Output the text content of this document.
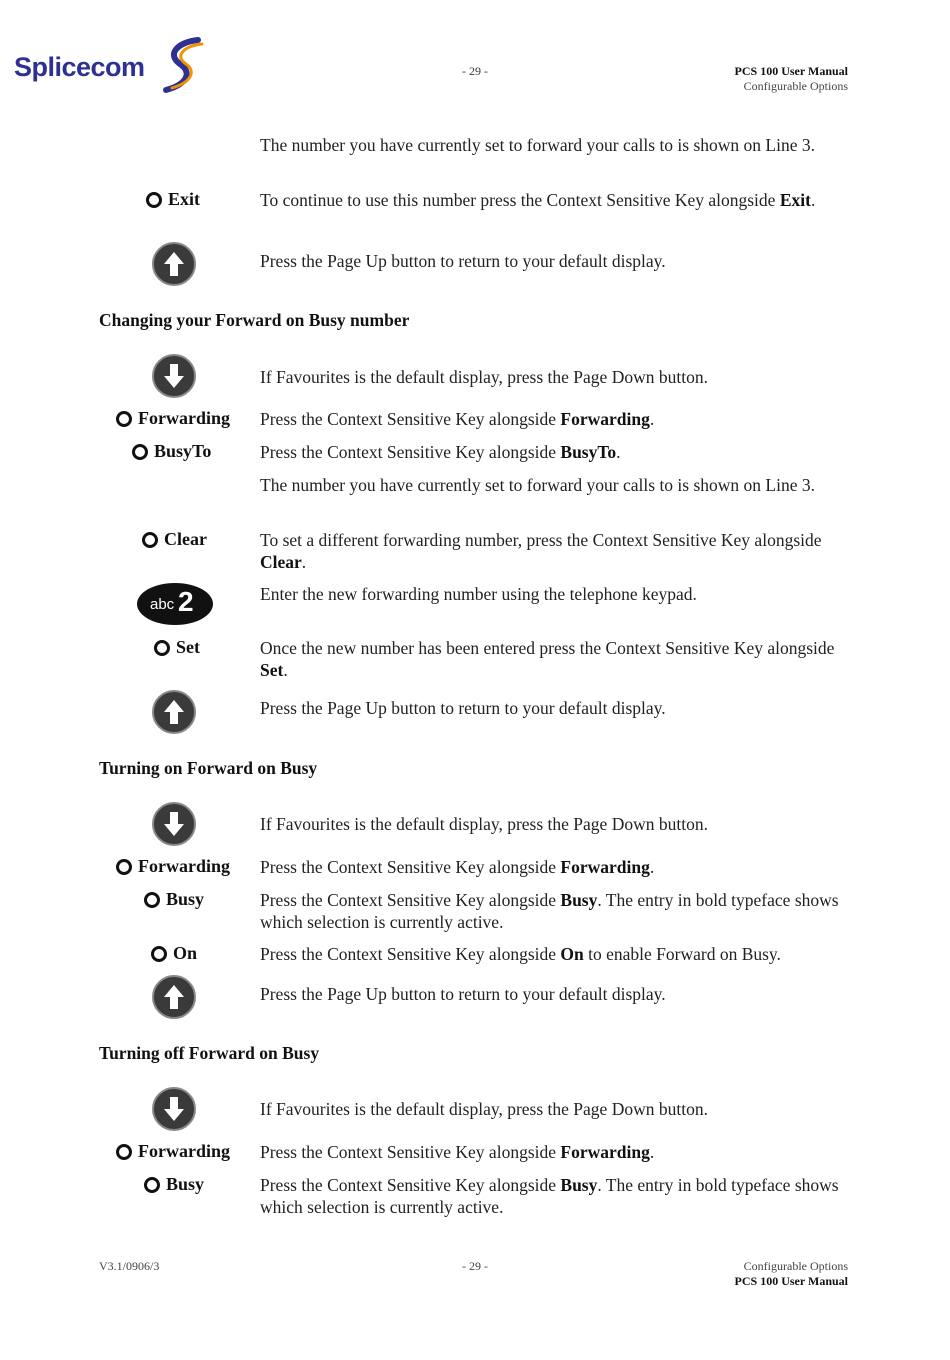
Splicecom	- 29 -	PCS 100 User Manual
Configurable Options
The number you have currently set to forward your calls to is shown on Line 3.
Exit	To continue to use this number press the Context Sensitive Key alongside Exit.
Press the Page Up button to return to your default display.
Changing your Forward on Busy number
If Favourites is the default display, press the Page Down button.
Forwarding Press the Context Sensitive Key alongside Forwarding.
BusyTo	Press the Context Sensitive Key alongside BusyTo.
The number you have currently set to forward your calls to is shown on Line 3.
Clear	To set a different forwarding number, press the Context Sensitive Key alongside Clear.
abc 2	Enter the new forwarding number using the telephone keypad.
Set	Once the new number has been entered press the Context Sensitive Key alongside Set.
Press the Page Up button to return to your default display.
Turning on Forward on Busy
If Favourites is the default display, press the Page Down button.
Forwarding Press the Context Sensitive Key alongside Forwarding.
Busy	Press the Context Sensitive Key alongside Busy. The entry in bold typeface shows which selection is currently active.
On	Press the Context Sensitive Key alongside On to enable Forward on Busy.
Press the Page Up button to return to your default display.
Turning off Forward on Busy
If Favourites is the default display, press the Page Down button.
Forwarding Press the Context Sensitive Key alongside Forwarding.
Busy	Press the Context Sensitive Key alongside Busy. The entry in bold typeface shows which selection is currently active.
V3.1/0906/3	- 29 -	Configurable Options
PCS 100 User Manual
